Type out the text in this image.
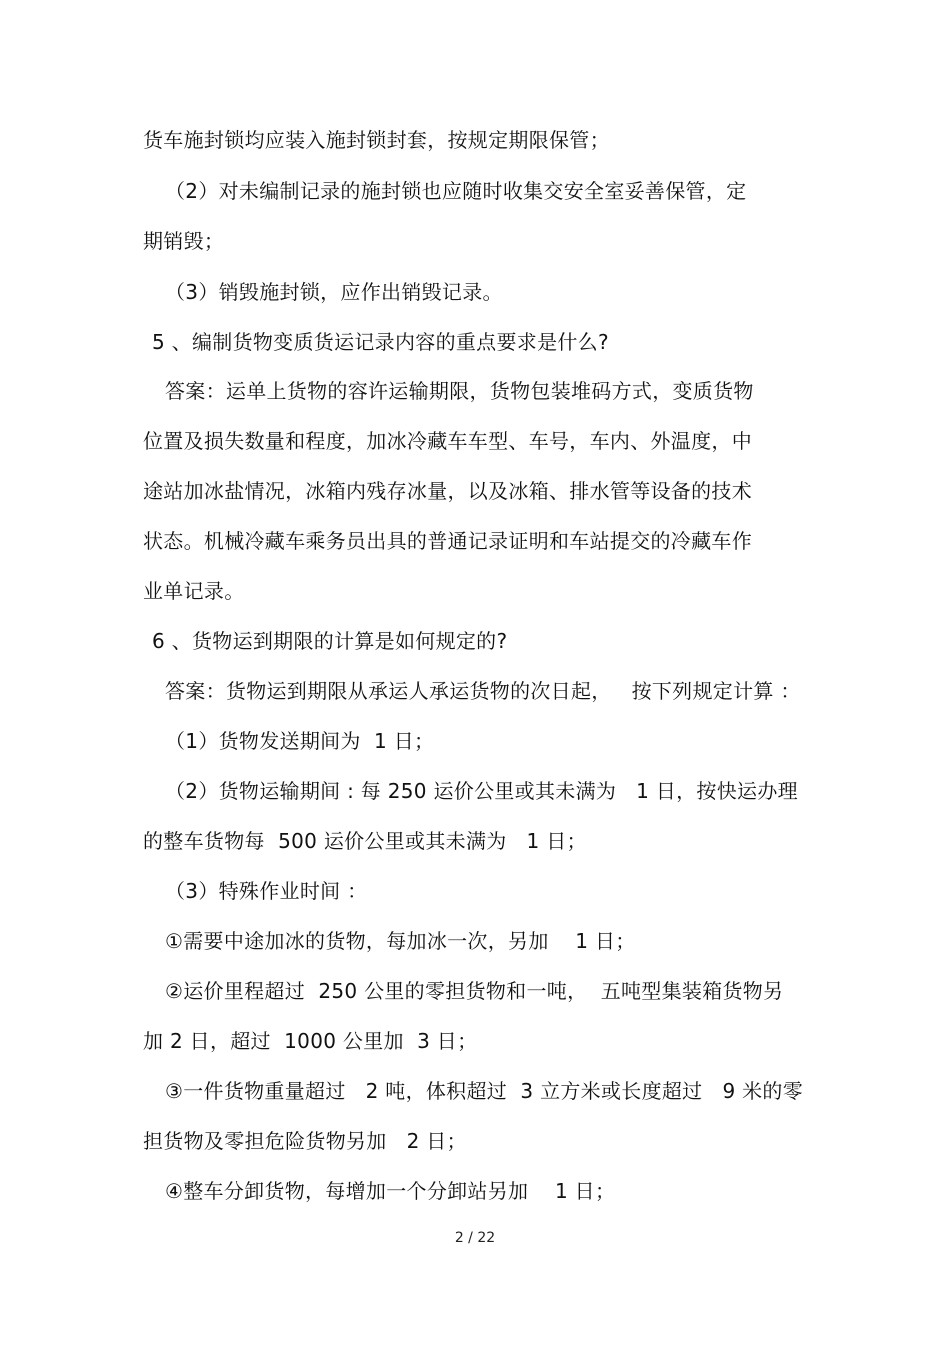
货车施封锁均应装入施封锁封套，按规定期限保管；
（2）对未编制记录的施封锁也应随时收集交安全室妥善保管，定
期销毁；
（3）销毁施封锁，应作出销毁记录。
5 、编制货物变质货运记录内容的重点要求是什么?
答案：运单上货物的容许运输期限，货物包装堆码方式，变质货物
位置及损失数量和程度，加冰冷藏车车型、车号，车内、外温度，中
途站加冰盐情况，冰箱内残存冰量，以及冰箱、排水管等设备的技术
状态。机械冷藏车乘务员出具的普通记录证明和车站提交的冷藏车作
业单记录。
6 、货物运到期限的计算是如何规定的?
答案：货物运到期限从承运人承运货物的次日起，   按下列规定计算 ：
（1）货物发送期间为  1 日；
（2）货物运输期间 : 每 250 运价公里或其未满为   1 日，按快运办理
的整车货物每  500 运价公里或其未满为   1 日；
（3）特殊作业时间 ：
①需要中途加冰的货物，每加冰一次，另加    1 日；
②运价里程超过  250 公里的零担货物和一吨，  五吨型集装箱货物另
加 2 日，超过  1000 公里加  3 日；
③一件货物重量超过   2 吨，体积超过  3 立方米或长度超过   9 米的零
担货物及零担危险货物另加   2 日；
④整车分卸货物，每增加一个分卸站另加    1 日；
2 / 22
